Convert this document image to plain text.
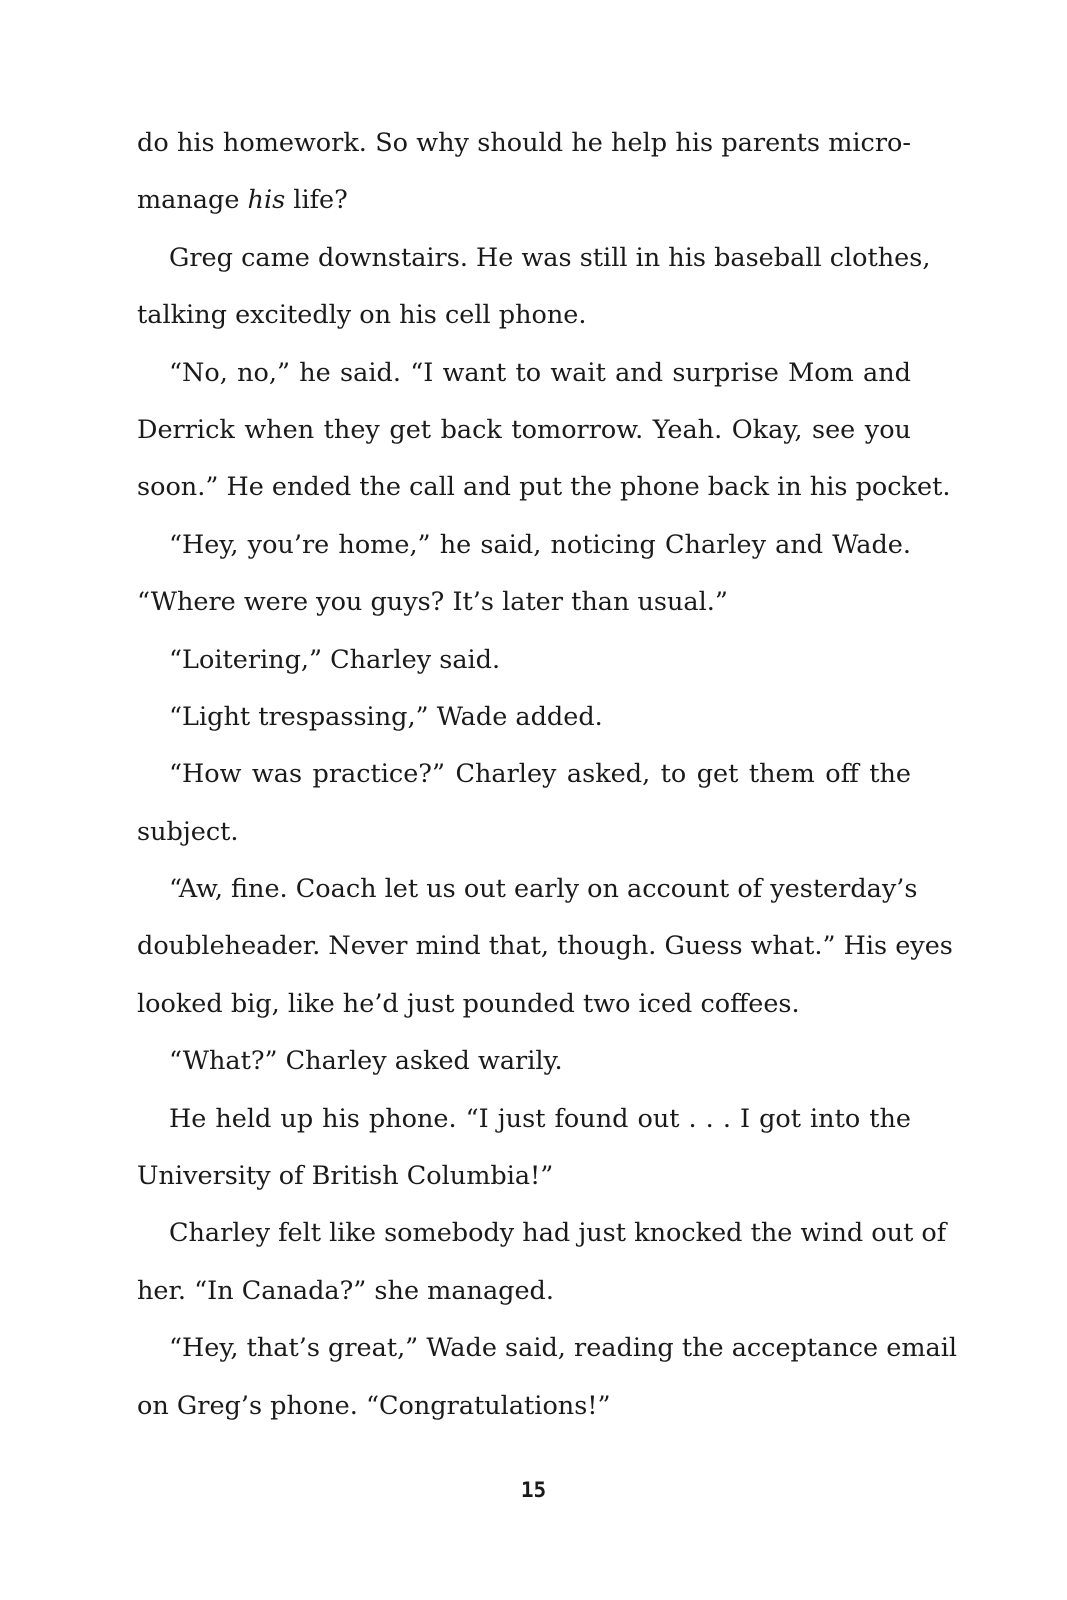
do his homework. So why should he help his parents micro-
manage his life?
Greg came downstairs. He was still in his baseball clothes,
talking excitedly on his cell phone.
“No, no,” he said. “I want to wait and surprise Mom and
Derrick when they get back tomorrow. Yeah. Okay, see you
soon.” He ended the call and put the phone back in his pocket.
“Hey, you’re home,” he said, noticing Charley and Wade.
“Where were you guys? It’s later than usual.”
“Loitering,” Charley said.
“Light trespassing,” Wade added.
“How was practice?” Charley asked, to get them off the
subject.
“Aw, fine. Coach let us out early on account of yesterday’s
doubleheader. Never mind that, though. Guess what.” His eyes
looked big, like he’d just pounded two iced coffees.
“What?” Charley asked warily.
He held up his phone. “I just found out . . . I got into the
University of British Columbia!”
Charley felt like somebody had just knocked the wind out of
her. “In Canada?” she managed.
“Hey, that’s great,” Wade said, reading the acceptance email
on Greg’s phone. “Congratulations!”
15
